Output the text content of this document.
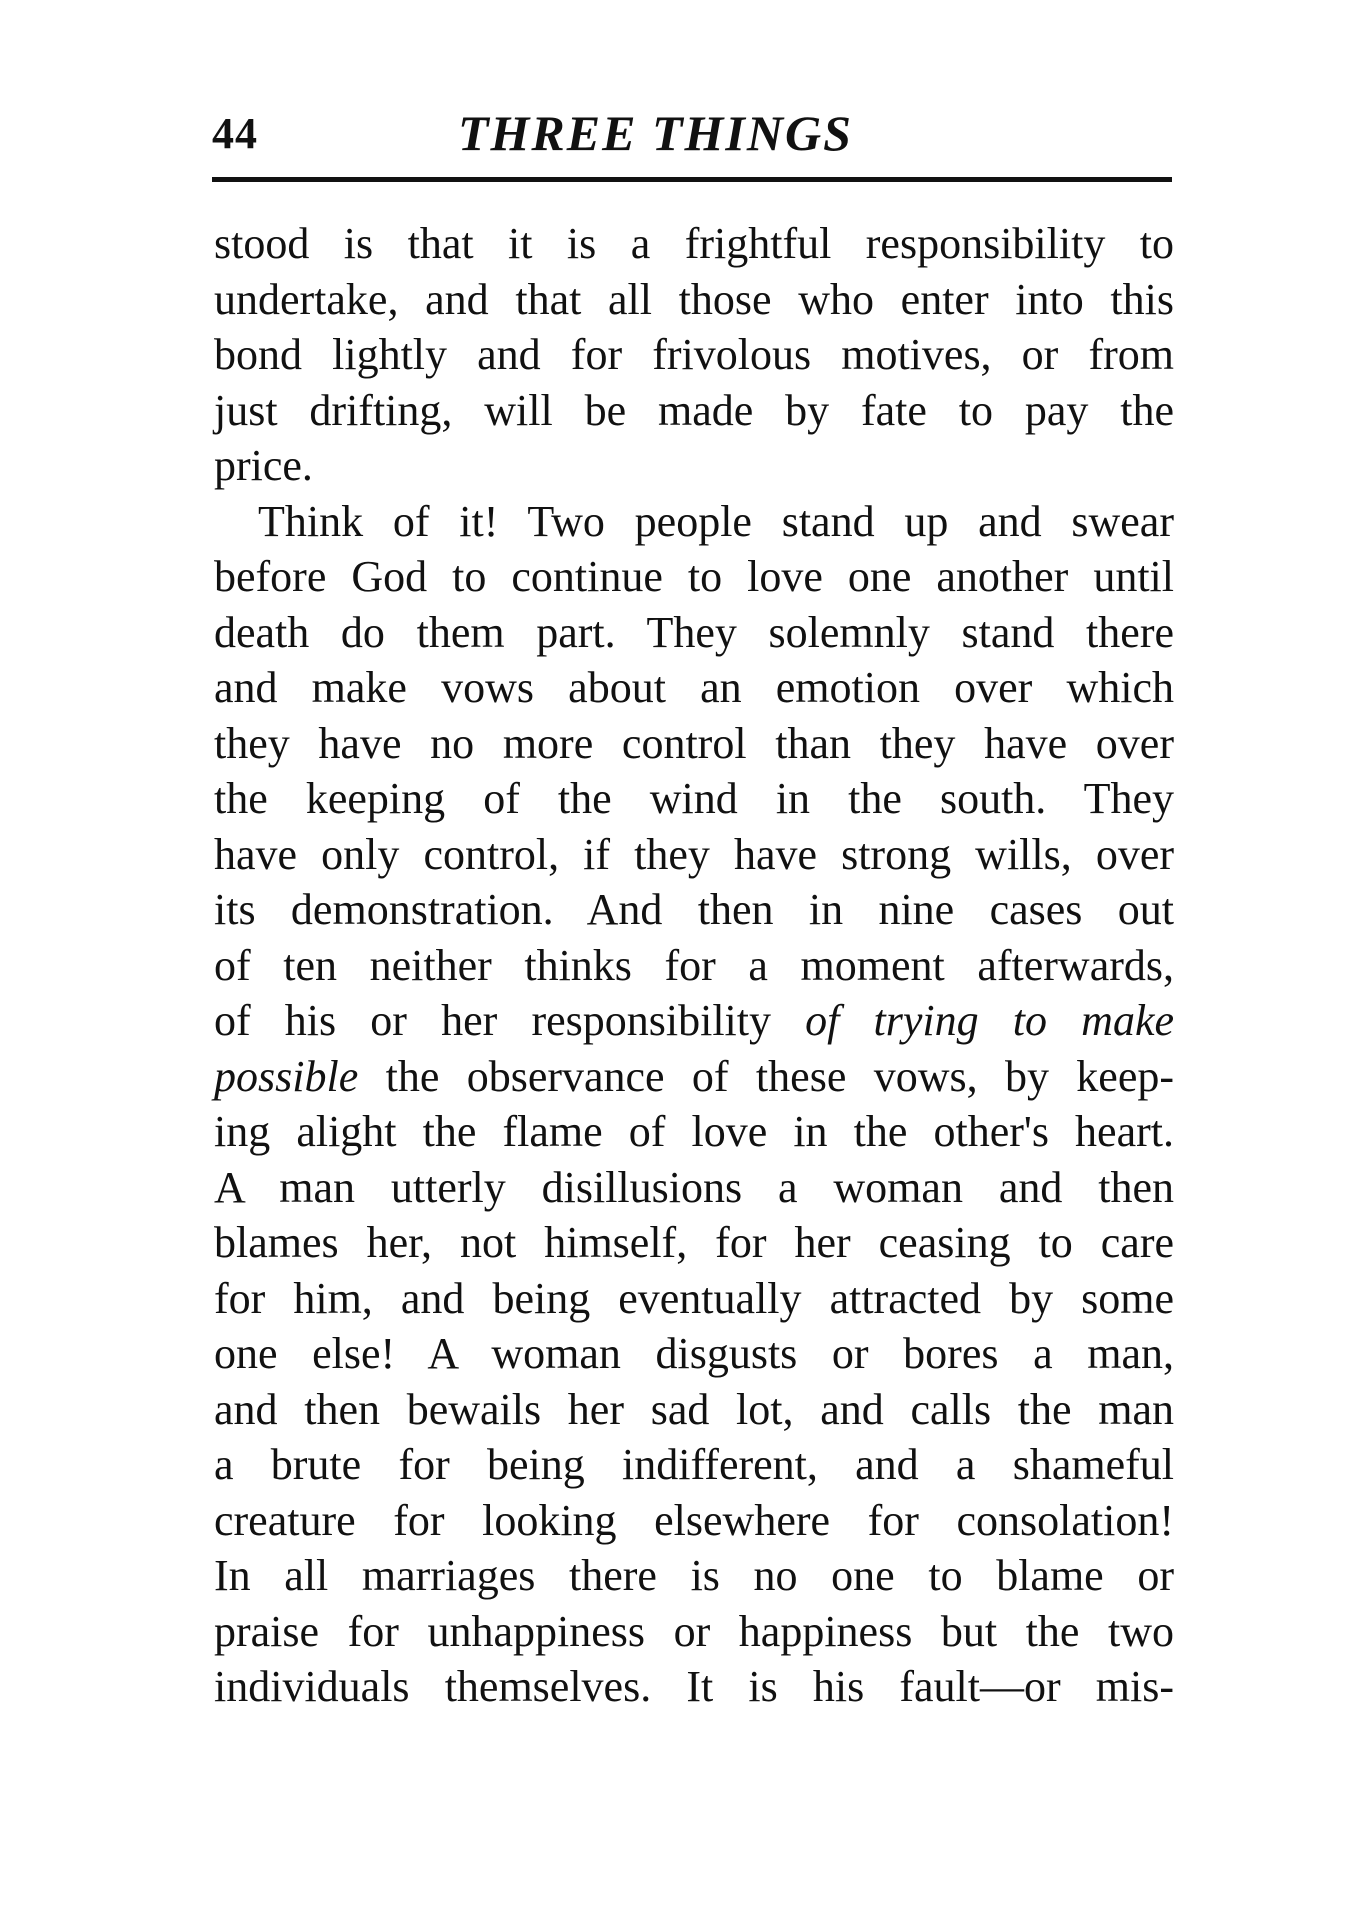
44	THREE THINGS
stood is that it is a frightful responsibility to
undertake, and that all those who enter into this
bond lightly and for frivolous motives, or from
just drifting, will be made by fate to pay the
price.
Think of it! Two people stand up and swear
before God to continue to love one another until
death do them part. They solemnly stand there
and make vows about an emotion over which
they have no more control than they have over
the keeping of the wind in the south. They
have only control, if they have strong wills, over
its demonstration. And then in nine cases out
of ten neither thinks for a moment afterwards,
of his or her responsibility of trying to make
possible the observance of these vows, by keep-
ing alight the flame of love in the other's heart.
A man utterly disillusions a woman and then
blames her, not himself, for her ceasing to care
for him, and being eventually attracted by some
one else! A woman disgusts or bores a man,
and then bewails her sad lot, and calls the man
a brute for being indifferent, and a shameful
creature for looking elsewhere for consolation!
In all marriages there is no one to blame or
praise for unhappiness or happiness but the two
individuals themselves. It is his fault—or mis-
